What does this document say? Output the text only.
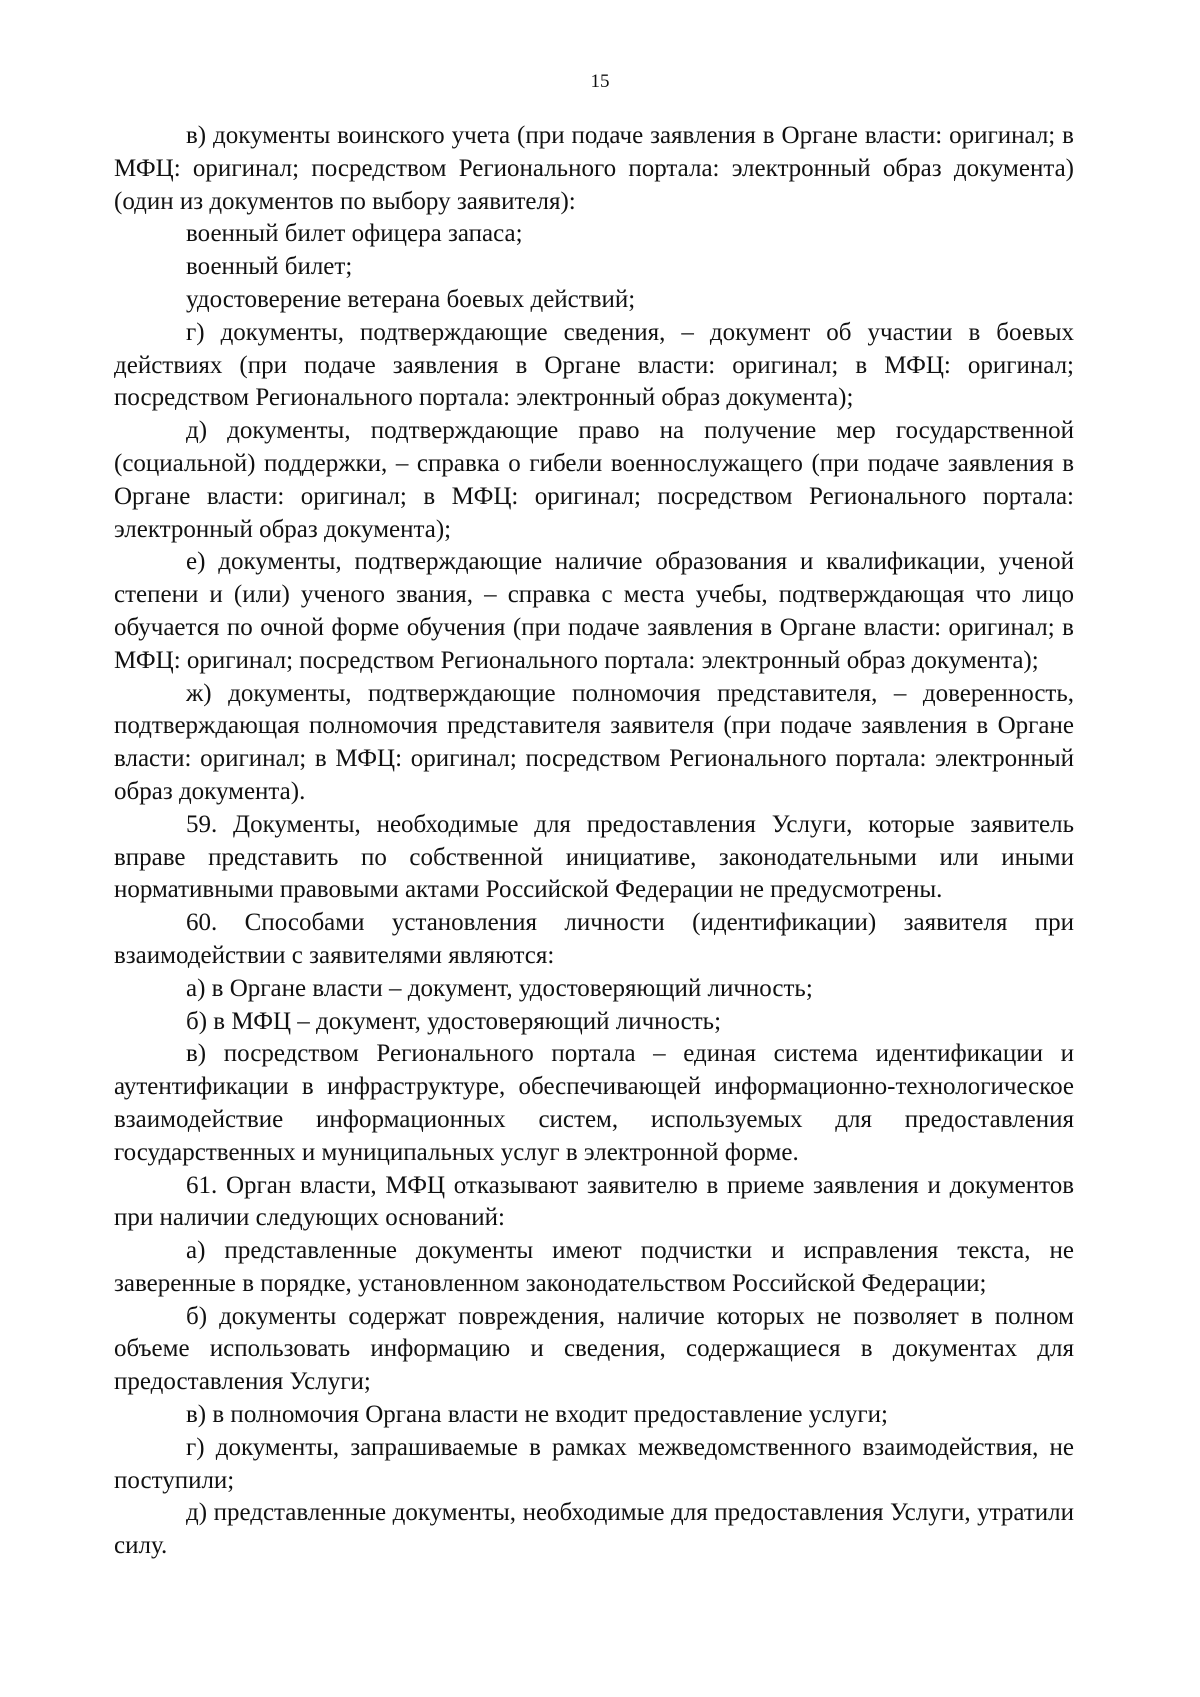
15

в) документы воинского учета (при подаче заявления в Органе власти: оригинал; в МФЦ: оригинал; посредством Регионального портала: электронный образ документа) (один из документов по выбору заявителя):

военный билет офицера запаса;

военный билет;

удостоверение ветерана боевых действий;

г) документы, подтверждающие сведения, – документ об участии в боевых действиях (при подаче заявления в Органе власти: оригинал; в МФЦ: оригинал; посредством Регионального портала: электронный образ документа);

д) документы, подтверждающие право на получение мер государственной (социальной) поддержки, – справка о гибели военнослужащего (при подаче заявления в Органе власти: оригинал; в МФЦ: оригинал; посредством Регионального портала: электронный образ документа);

е) документы, подтверждающие наличие образования и квалификации, ученой степени и (или) ученого звания, – справка с места учебы, подтверждающая что лицо обучается по очной форме обучения (при подаче заявления в Органе власти: оригинал; в МФЦ: оригинал; посредством Регионального портала: электронный образ документа);

ж) документы, подтверждающие полномочия представителя, – доверенность, подтверждающая полномочия представителя заявителя (при подаче заявления в Органе власти: оригинал; в МФЦ: оригинал; посредством Регионального портала: электронный образ документа).

59. Документы, необходимые для предоставления Услуги, которые заявитель вправе представить по собственной инициативе, законодательными или иными нормативными правовыми актами Российской Федерации не предусмотрены.

60. Способами установления личности (идентификации) заявителя при взаимодействии с заявителями являются:

а) в Органе власти – документ, удостоверяющий личность;

б) в МФЦ – документ, удостоверяющий личность;

в) посредством Регионального портала – единая система идентификации и аутентификации в инфраструктуре, обеспечивающей информационно-технологическое взаимодействие информационных систем, используемых для предоставления государственных и муниципальных услуг в электронной форме.

61. Орган власти, МФЦ отказывают заявителю в приеме заявления и документов при наличии следующих оснований:

а) представленные документы имеют подчистки и исправления текста, не заверенные в порядке, установленном законодательством Российской Федерации;

б) документы содержат повреждения, наличие которых не позволяет в полном объеме использовать информацию и сведения, содержащиеся в документах для предоставления Услуги;

в) в полномочия Органа власти не входит предоставление услуги;

г) документы, запрашиваемые в рамках межведомственного взаимодействия, не поступили;

д) представленные документы, необходимые для предоставления Услуги, утратили силу.
